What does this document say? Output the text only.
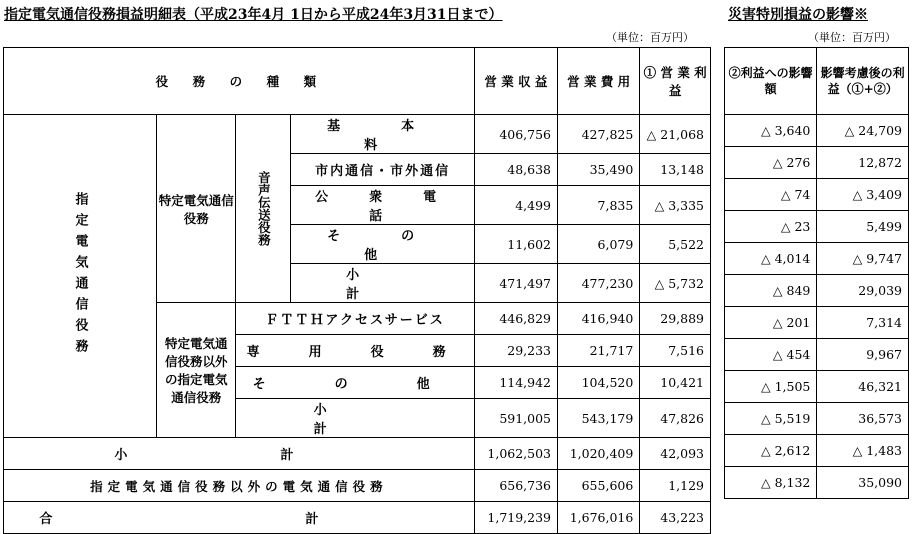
指定電気通信役務損益明細表（平成23年4月 1日から平成24年3月31日まで）	災害特別損益の影響※
（単位：百万円）	（単位：百万円）
役　務　の　種　類				営 業 収 益	営 業 費 用	① 営 業 利 益
指定電気通信役務	特定電気通信役務	音声伝送役務	基　本　料	406,756	427,825	△ 21,068
			市内通信・市外通信	48,638	35,490	13,148
			公　衆　電　話	4,499	7,835	△ 3,335
			そ　の　他	11,602	6,079	5,522
			小　計	471,497	477,230	△ 5,732
	特定電気通信役務以外の指定電気通信役務	ＦＴＴＨアクセスサービス		446,829	416,940	29,889
		専　用　役　務		29,233	21,717	7,516
		そ　の　他		114,942	104,520	10,421
		小　計		591,005	543,179	47,826
小　計				1,062,503	1,020,409	42,093
指定電気通信役務以外の電気通信役務				656,736	655,606	1,129
合　計				1,719,239	1,676,016	43,223
②利益への影響額	影響考慮後の利益（①+②）
△ 3,640	△ 24,709
△ 276	12,872
△ 74	△ 3,409
△ 23	5,499
△ 4,014	△ 9,747
△ 849	29,039
△ 201	7,314
△ 454	9,967
△ 1,505	46,321
△ 5,519	36,573
△ 2,612	△ 1,483
△ 8,132	35,090
